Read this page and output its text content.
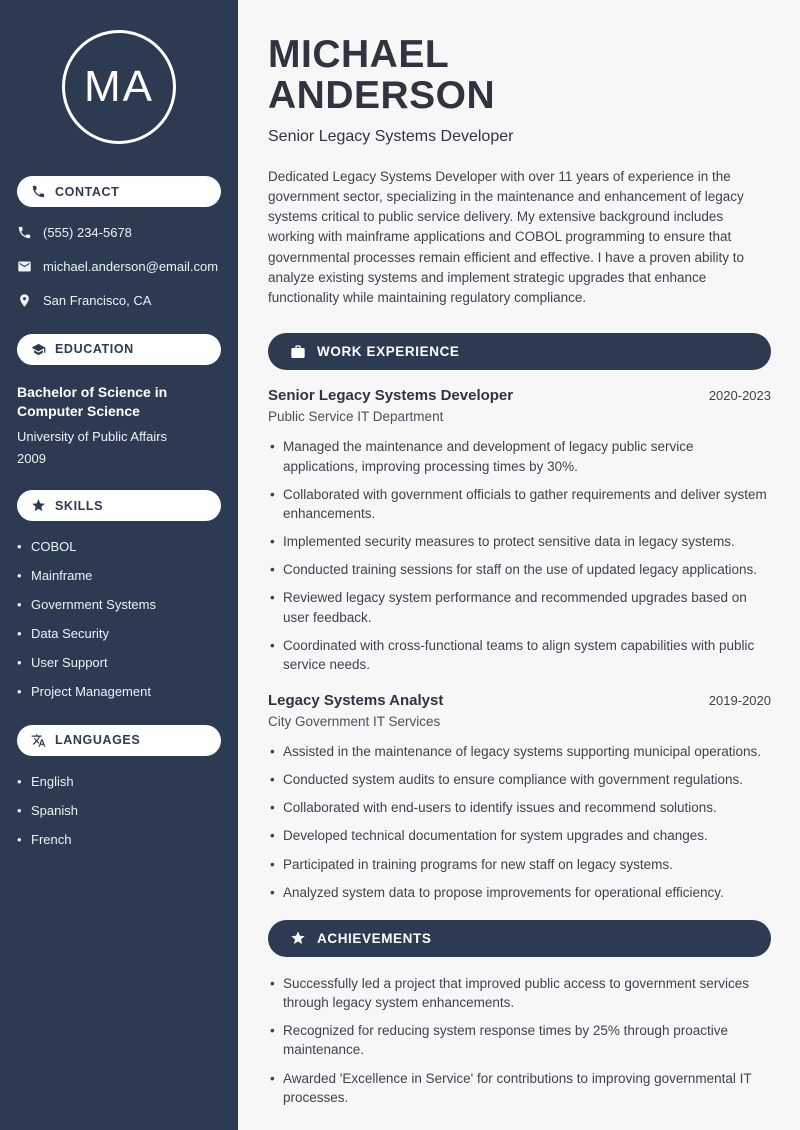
MA
CONTACT
(555) 234-5678
michael.anderson@email.com
San Francisco, CA
EDUCATION
Bachelor of Science in Computer Science
University of Public Affairs
2009
SKILLS
• COBOL
• Mainframe
• Government Systems
• Data Security
• User Support
• Project Management
LANGUAGES
• English
• Spanish
• French
MICHAEL
ANDERSON
Senior Legacy Systems Developer

Dedicated Legacy Systems Developer with over 11 years of experience in the government sector, specializing in the maintenance and enhancement of legacy systems critical to public service delivery. My extensive background includes working with mainframe applications and COBOL programming to ensure that governmental processes remain efficient and effective. I have a proven ability to analyze existing systems and implement strategic upgrades that enhance functionality while maintaining regulatory compliance.

WORK EXPERIENCE
Senior Legacy Systems Developer	2020-2023
Public Service IT Department
• Managed the maintenance and development of legacy public service applications, improving processing times by 30%.
• Collaborated with government officials to gather requirements and deliver system enhancements.
• Implemented security measures to protect sensitive data in legacy systems.
• Conducted training sessions for staff on the use of updated legacy applications.
• Reviewed legacy system performance and recommended upgrades based on user feedback.
• Coordinated with cross-functional teams to align system capabilities with public service needs.
Legacy Systems Analyst	2019-2020
City Government IT Services
• Assisted in the maintenance of legacy systems supporting municipal operations.
• Conducted system audits to ensure compliance with government regulations.
• Collaborated with end-users to identify issues and recommend solutions.
• Developed technical documentation for system upgrades and changes.
• Participated in training programs for new staff on legacy systems.
• Analyzed system data to propose improvements for operational efficiency.
ACHIEVEMENTS
• Successfully led a project that improved public access to government services through legacy system enhancements.
• Recognized for reducing system response times by 25% through proactive maintenance.
• Awarded 'Excellence in Service' for contributions to improving governmental IT processes.
